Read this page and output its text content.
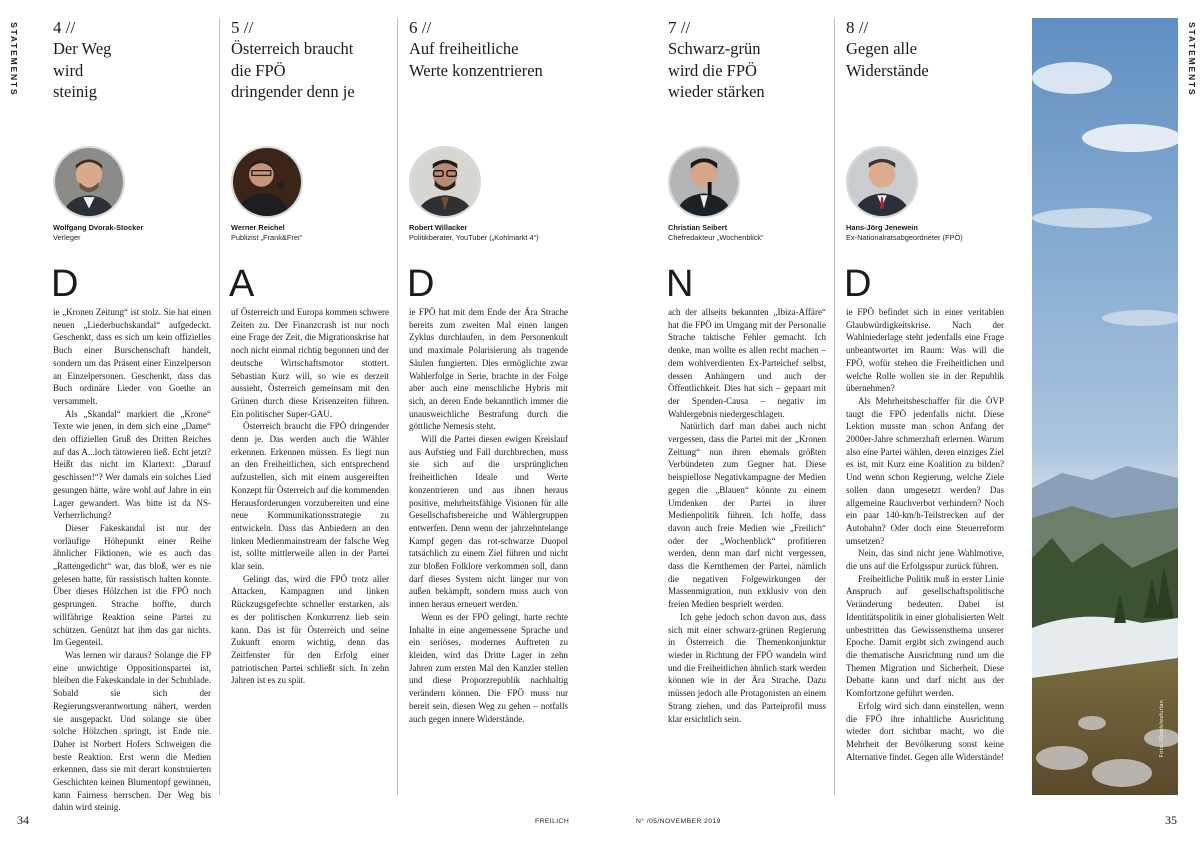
STATEMENTS	STATEMENTS
4 //
Der Weg
wird
steinig
Wolfgang Dvorak-Stocker
Verleger
D

ie „Kronen Zeitung“ ist stolz. Sie hat einen neuen „Liederbuchskandal“ aufgedeckt. Geschenkt, dass es sich um kein offizielles Buch einer Burschenschaft handelt, sondern um das Präsent einer Einzelperson an Einzelpersonen. Geschenkt, dass das Buch ordinäre Lieder von Goethe an versammelt.

Als „Skandal“ markiert die „Krone“ Texte wie jenen, in dem sich eine „Dame“ den offiziellen Gruß des Dritten Reiches auf das A...loch tätowieren ließ. Echt jetzt? Heißt das nicht im Klartext: „Darauf geschissen!“? Wer damals ein solches Lied gesungen hätte, wäre wohl auf Jahre in ein Lager gewandert. Was bitte ist da NS-Verherrlichung?

Dieser Fakeskandal ist nur der vorläufige Höhepunkt einer Reihe ähnlicher Fiktionen, wie es auch das „Rattengedicht“ war, das bloß, wer es nie gelesen hatte, für rassistisch halten konnte. Über dieses Hölzchen ist die FPÖ noch gesprungen. Strache hoffte, durch willfährige Reaktion seine Partei zu schützen. Genützt hat ihm das gar nichts. Im Gegenteil.

Was lernen wir daraus? Solange die FP eine unwichtige Oppositionspartei ist, bleiben die Fakeskandale in der Schublade. Sobald sie sich der Regierungsverantwortung nähert, werden sie ausgepackt. Und solange sie über solche Hölzchen springt, ist Ende nie. Daher ist Norbert Hofers Schweigen die beste Reaktion. Erst wenn die Medien erkennen, dass sie mit derart konstruierten Geschichten keinen Blumentopf gewinnen, kann Fairness herrschen. Der Weg bis dahin wird steinig.

5 //
Österreich braucht
die FPÖ
dringender denn je
Werner Reichel
Publizist „Frank&Frei“
A

uf Österreich und Europa kommen schwere Zeiten zu. Der Finanzcrash ist nur noch eine Frage der Zeit, die Migrationskrise hat noch nicht einmal richtig begonnen und der deutsche Wirtschaftsmotor stottert. Sebastian Kurz will, so wie es derzeit aussieht, Österreich gemeinsam mit den Grünen durch diese Krisenzeiten führen. Ein politischer Super-GAU.

Österreich braucht die FPÖ dringender denn je. Das werden auch die Wähler erkennen. Erkennen müssen. Es liegt nun an den Freiheitlichen, sich entsprechend aufzustellen, sich mit einem ausgereiften Konzept für Österreich auf die kommenden Herausforderungen vorzubereiten und eine neue Kommunikationsstrategie zu entwickeln. Dass das Anbiedern an den linken Medienmainstream der falsche Weg ist, sollte mittlerweile allen in der Partei klar sein.

Gelingt das, wird die FPÖ trotz aller Attacken, Kampagnen und linken Rückzugsgefechte schneller erstarken, als es der politischen Konkurrenz lieb sein kann. Das ist für Österreich und seine Zukunft enorm wichtig, denn das Zeitfenster für den Erfolg einer patriotischen Partei schließt sich. In zehn Jahren ist es zu spät.

6 //
Auf freiheitliche
Werte konzentrieren
Robert Willacker
Politikberater, YouTuber („Kohlmarkt 4“)
D

ie FPÖ hat mit dem Ende der Ära Strache bereits zum zweiten Mal einen langen Zyklus durchlaufen, in dem Personenkult und maximale Polarisierung als tragende Säulen fungierten. Dies ermöglichte zwar Wahlerfolge in Serie, brachte in der Folge aber auch eine menschliche Hybris mit sich, an deren Ende bekanntlich immer die unausweichliche Bestrafung durch die göttliche Nemesis steht.

Will die Partei diesen ewigen Kreislauf aus Aufstieg und Fall durchbrechen, muss sie sich auf die ursprünglichen freiheitlichen Ideale und Werte konzentrieren und aus ihnen heraus positive, mehrheitsfähige Visionen für alle Gesellschaftsbereiche und Wählergruppen entwerfen. Denn wenn der jahrzehntelange Kampf gegen das rot-schwarze Duopol tatsächlich zu einem Ziel führen und nicht zur bloßen Folklore verkommen soll, dann darf dieses System nicht länger nur von außen bekämpft, sondern muss auch von innen heraus erneuert werden.

Wenn es der FPÖ gelingt, harte rechte Inhalte in eine angemessene Sprache und ein seriöses, modernes Auftreten zu kleiden, wird das Dritte Lager in zehn Jahren zum ersten Mal den Kanzler stellen und diese Proporzrepublik nachhaltig verändern können. Die FPÖ muss nur bereit sein, diesen Weg zu gehen – notfalls auch gegen innere Widerstände.

7 //
Schwarz-grün
wird die FPÖ
wieder stärken
Christian Seibert
Chefredakteur „Wochenblick“
N

ach der allseits bekannten „Ibiza-Affäre“ hat die FPÖ im Umgang mit der Personalie Strache taktische Fehler gemacht. Ich denke, man wollte es allen recht machen – dem wohlverdienten Ex-Parteichef selbst, dessen Anhängern und auch der Öffentlichkeit. Dies hat sich – gepaart mit der Spenden-Causa – negativ im Wahlergebnis niedergeschlagen.

Natürlich darf man dabei auch nicht vergessen, dass die Partei mit der „Kronen Zeitung“ nun ihren ehemals größten Verbündeten zum Gegner hat. Diese beispiellose Negativkampagne der Medien gegen die „Blauen“ könnte zu einem Umdenken der Partei in ihrer Medienpolitik führen. Ich hoffe, dass davon auch freie Medien wie „Freilich“ oder der „Wochenblick“ profitieren werden, denn man darf nicht vergessen, dass die Kernthemen der Partei, nämlich die negativen Folgewirkungen der Massenmigration, nun exklusiv von den freien Medien besprielt werden.

Ich gehe jedoch schon davon aus, dass sich mit einer schwarz-grünen Regierung in Österreich die Themenkonjunktur wieder in Richtung der FPÖ wandeln wird und die Freiheitlichen ähnlich stark werden können wie in der Ära Strache. Dazu müssen jedoch alle Protagonisten an einem Strang ziehen, und das Parteiprofil muss klar ersichtlich sein.

8 //
Gegen alle
Widerstände
Hans-Jörg Jenewein
Ex-Nationalratsabgeordneter (FPÖ)
D

ie FPÖ befindet sich in einer veritablen Glaubwürdigkeitskrise. Nach der Wahlniederlage steht jedenfalls eine Frage unbeantwortet im Raum: Was will die FPÖ, wofür stehen die Freiheitlichen und welche Rolle wollen sie in der Republik übernehmen?

Als Mehrheitsbeschaffer für die ÖVP taugt die FPÖ jedenfalls nicht. Diese Lektion musste man schon Anfang der 2000er-Jahre schmerzhaft erlernen. Warum also eine Partei wählen, deren einziges Ziel es ist, mit Kurz eine Koalition zu bilden? Und wenn schon Regierung, welche Ziele sollen dann umgesetzt werden? Das allgemeine Rauchverbot verhindern? Noch ein paar 140-km/h-Teilstrecken auf der Autobahn? Oder doch eine Steuerreform umsetzen?

Nein, das sind nicht jene Wahlmotive, die uns auf die Erfolgsspur zurück führen.

Freiheitliche Politik muß in erster Linie Anspruch auf gesellschaftspolitische Veränderung bedeuten. Dabei ist Identitätspolitik in einer globalisierten Welt unbestritten das Gewissensthema unserer Epoche. Damit ergibt sich zwingend auch die thematische Ausrichtung rund um die Themen Migration und Sicherheit. Diese Debatte kann und darf nicht aus der Komfortzone geführt werden.

Erfolg wird sich dann einstellen, wenn die FPÖ ihre inhaltliche Ausrichtung wieder dort sichtbar macht, wo die Mehrheit der Bevölkerung sonst keine Alternative findet. Gegen alle Widerstände!	Foto: iStock/wsfurlan
34	FREILICH	N° /05/NOVEMBER 2019	35
